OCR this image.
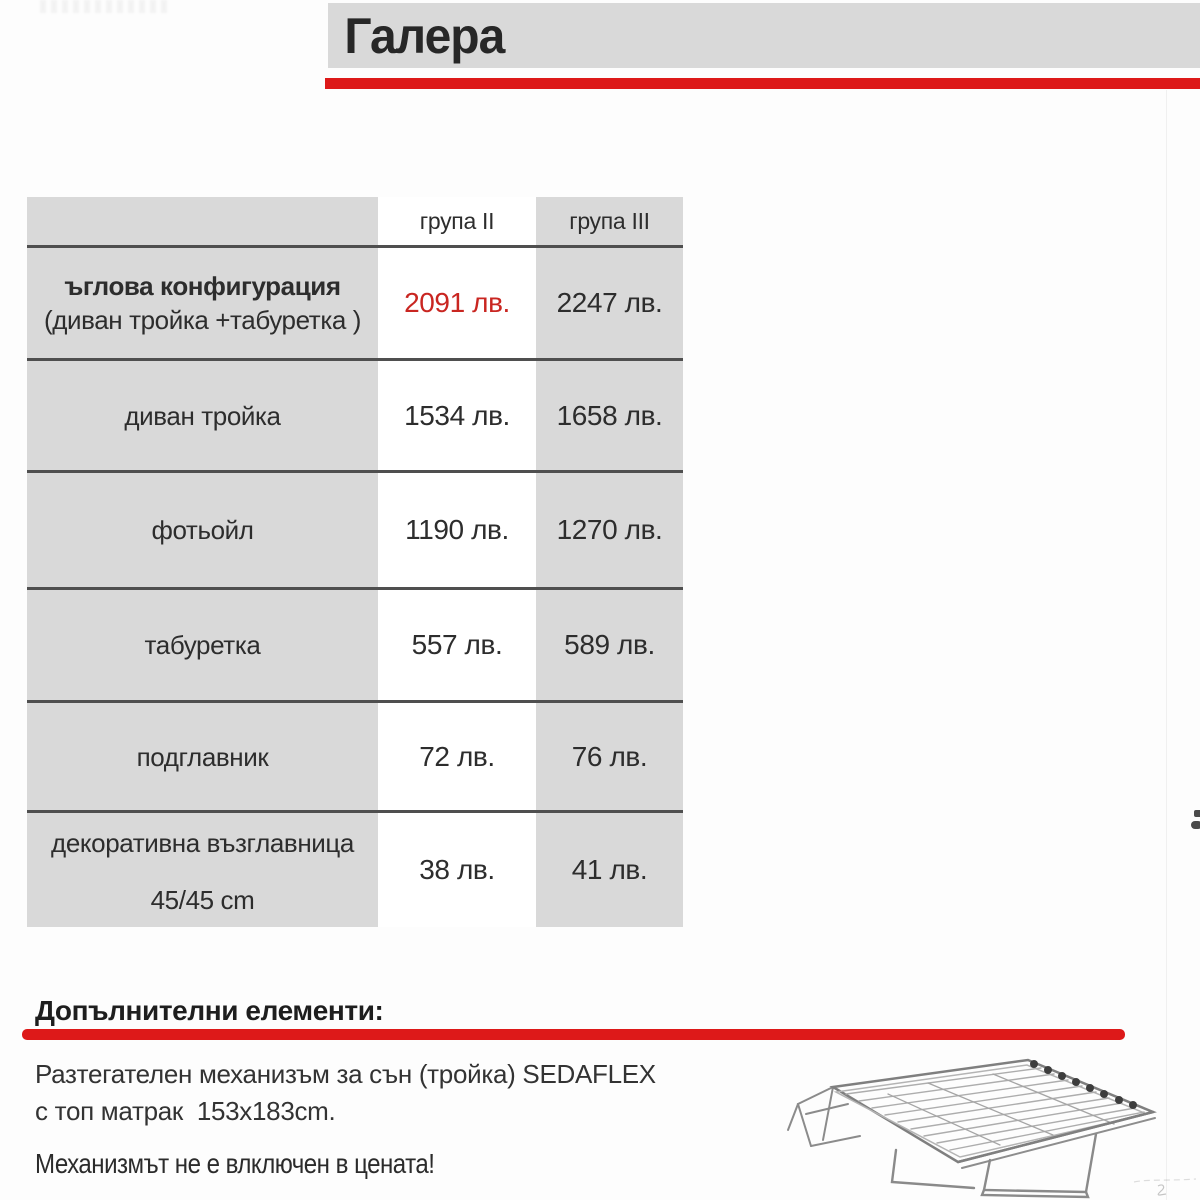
Галера
група II	група III
ъглова конфигурация
(диван тройка +табуретка )
2091 лв. 2247 лв.
диван тройка	1534 лв. 1658 лв.
фотьойл	1190 лв. 1270 лв.
табуретка	557 лв. 589 лв.
подглавник	72 лв.	76 лв.
декоративна възглавница
45/45 cm
38 лв.	41 лв.
Допълнителни елементи:
Разтегателен механизъм за сън (тройка) SEDAFLEX
с топ матрак  153x183cm.
Механизмът не е влключен в цената!
